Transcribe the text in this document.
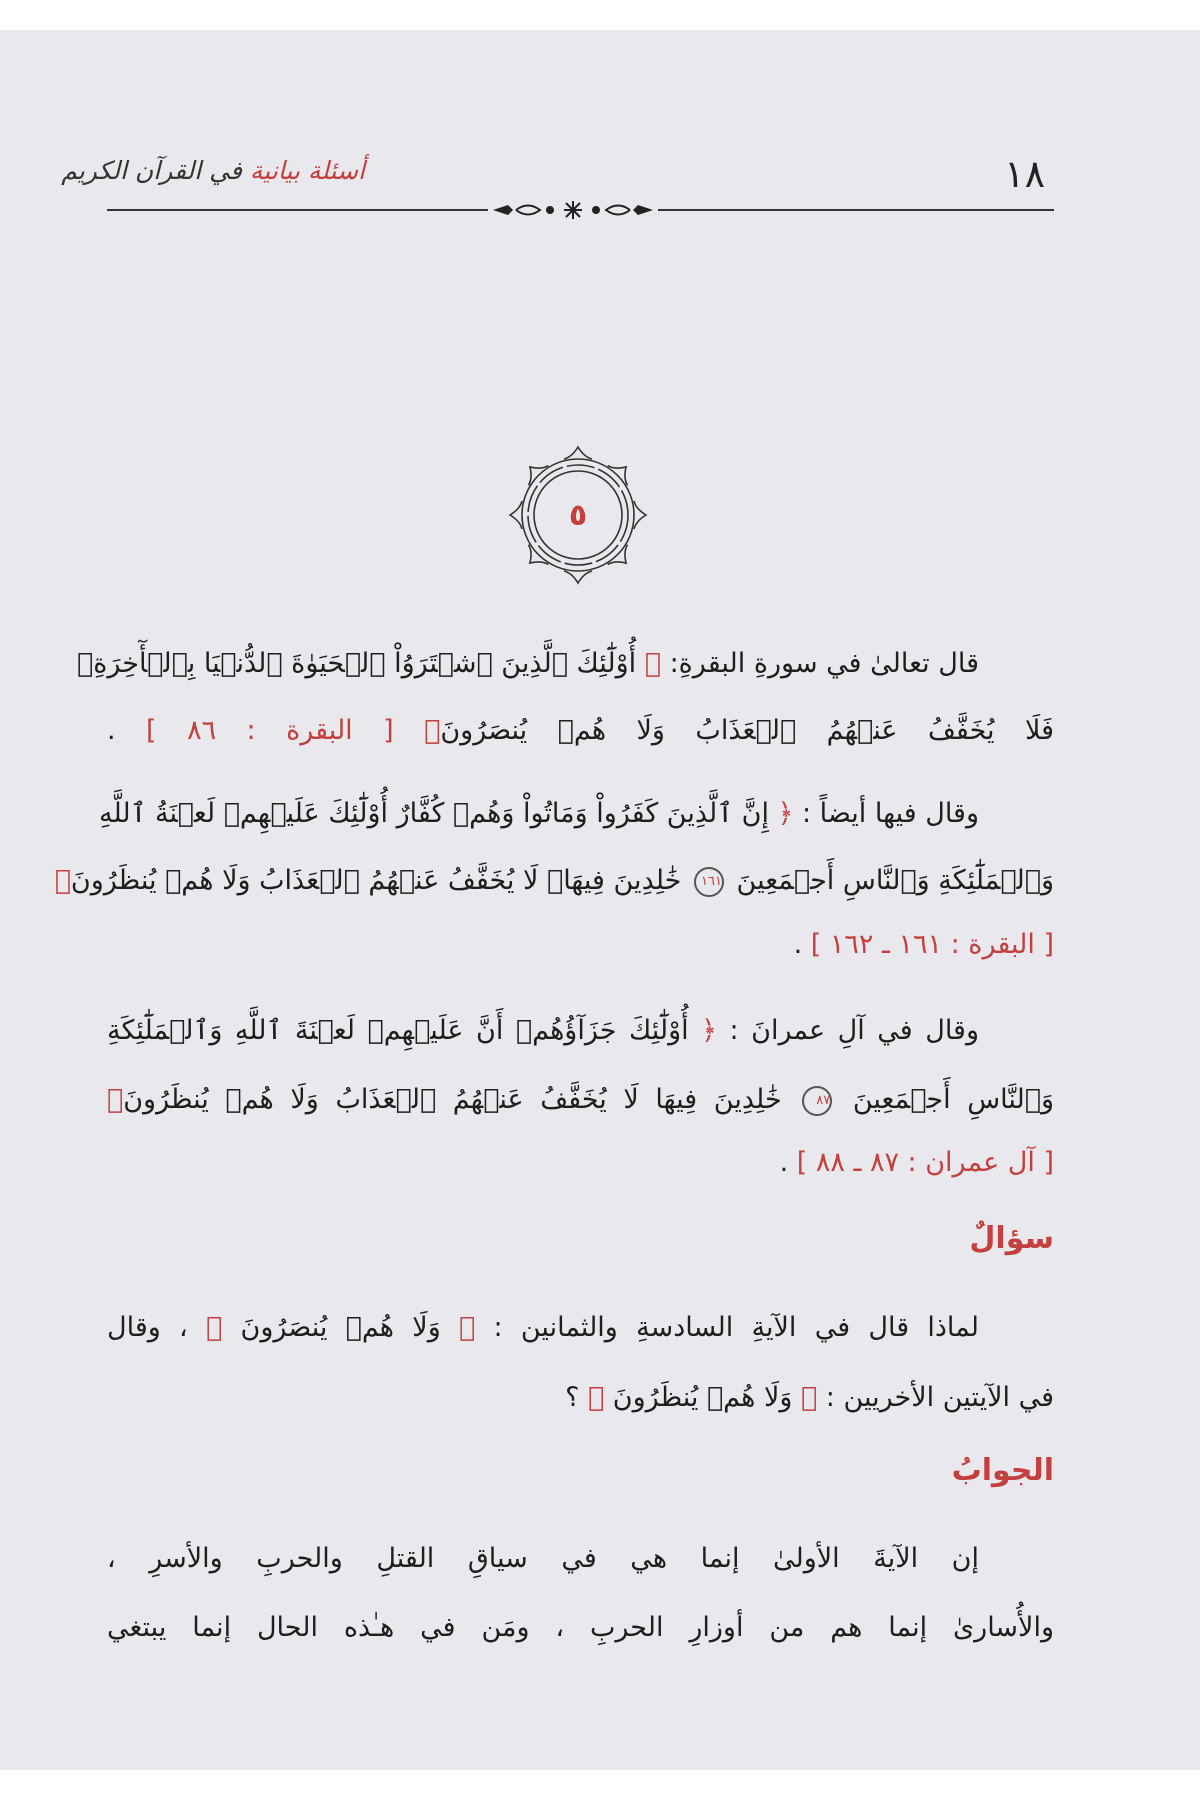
١٨
أسئلة بيانية في القرآن الكريم
٥
قال تعالىٰ في سورةِ البقرةِ: ﴿ أُوْلَٰٓئِكَ ٱلَّذِينَ ٱشۡتَرَوُاْ ٱلۡحَيَوٰةَ ٱلدُّنۡيَا بِٱلۡأٓخِرَةِۖ
فَلَا يُخَفَّفُ عَنۡهُمُ ٱلۡعَذَابُ وَلَا هُمۡ يُنصَرُونَ﴾ [ البقرة : ٨٦ ] .
وقال فيها أيضاً : ﴿ إِنَّ ٱلَّذِينَ كَفَرُواْ وَمَاتُواْ وَهُمۡ كُفَّارٌ أُوْلَٰٓئِكَ عَلَيۡهِمۡ لَعۡنَةُ ٱللَّهِ
وَٱلۡمَلَٰٓئِكَةِ وَٱلنَّاسِ أَجۡمَعِينَ ١٦١ خَٰلِدِينَ فِيهَاۖ لَا يُخَفَّفُ عَنۡهُمُ ٱلۡعَذَابُ وَلَا هُمۡ يُنظَرُونَ﴾
[ البقرة : ١٦١ ـ ١٦٢ ] .
وقال في آلِ عمرانَ : ﴿ أُوْلَٰٓئِكَ جَزَآؤُهُمۡ أَنَّ عَلَيۡهِمۡ لَعۡنَةَ ٱللَّهِ وَٱلۡمَلَٰٓئِكَةِ
وَٱلنَّاسِ أَجۡمَعِينَ ٨٧ خَٰلِدِينَ فِيهَا لَا يُخَفَّفُ عَنۡهُمُ ٱلۡعَذَابُ وَلَا هُمۡ يُنظَرُونَ﴾
[ آل عمران : ٨٧ ـ ٨٨ ] .
سؤالٌ
لماذا قال في الآيةِ السادسةِ والثمانين : ﴿ وَلَا هُمۡ يُنصَرُونَ ﴾ ، وقال
في الآيتين الأخريين : ﴿ وَلَا هُمۡ يُنظَرُونَ ﴾ ؟
الجوابُ
إن الآيةَ الأولىٰ إنما هي في سياقِ القتلِ والحربِ والأسرِ ،
والأُسارىٰ إنما هم من أوزارِ الحربِ ، ومَن في هـٰذه الحال إنما يبتغي
